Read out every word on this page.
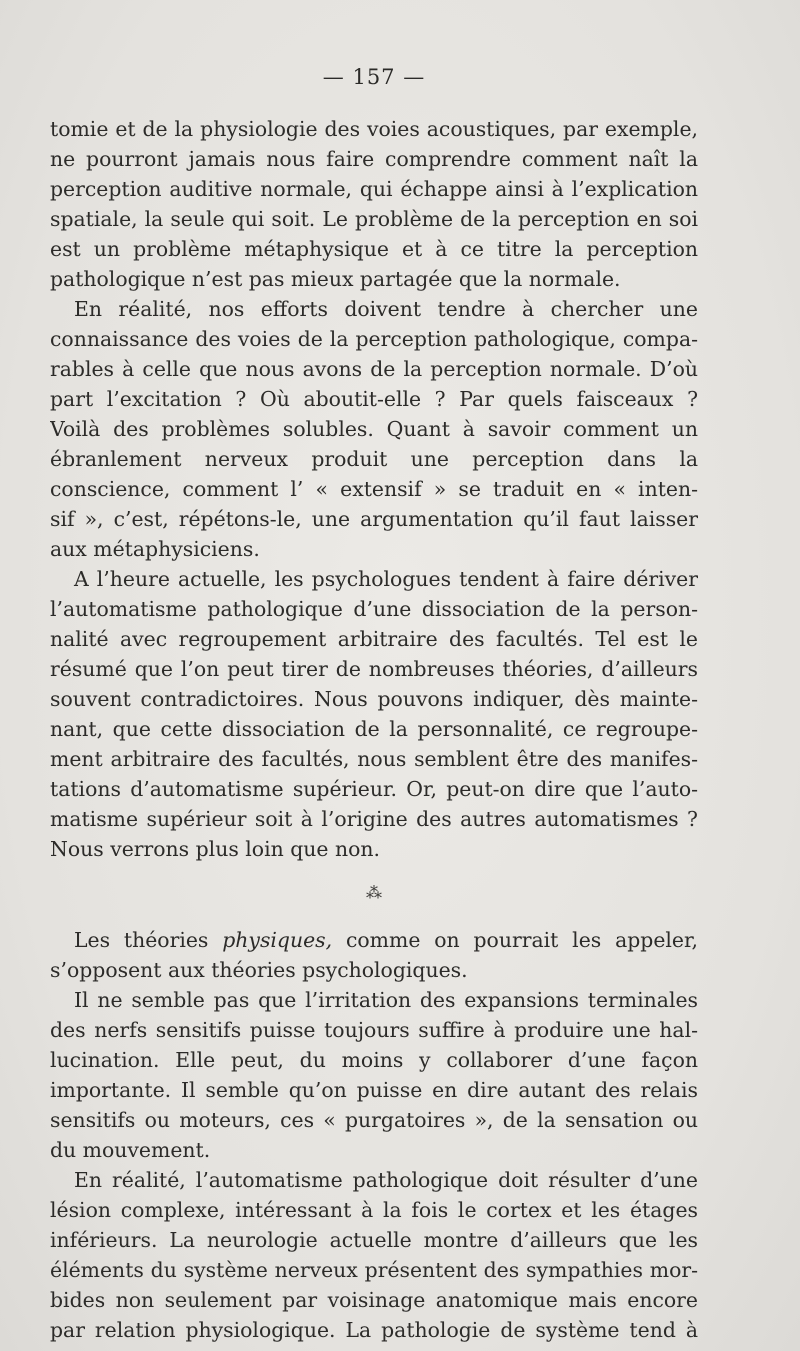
— 157 —
tomie et de la physiologie des voies acoustiques, par exemple,
ne pourront jamais nous faire comprendre comment naît la
perception auditive normale, qui échappe ainsi à l’explication
spatiale, la seule qui soit. Le problème de la perception en soi
est un problème métaphysique et à ce titre la perception
pathologique n’est pas mieux partagée que la normale.
En réalité, nos efforts doivent tendre à chercher une
connaissance des voies de la perception pathologique, compa-
rables à celle que nous avons de la perception normale. D’où
part l’excitation ? Où aboutit-elle ? Par quels faisceaux ?
Voilà des problèmes solubles. Quant à savoir comment un
ébranlement nerveux produit une perception dans la
conscience, comment l’ « extensif » se traduit en « inten-
sif », c’est, répétons-le, une argumentation qu’il faut laisser
aux métaphysiciens.
A l’heure actuelle, les psychologues tendent à faire dériver
l’automatisme pathologique d’une dissociation de la person-
nalité avec regroupement arbitraire des facultés. Tel est le
résumé que l’on peut tirer de nombreuses théories, d’ailleurs
souvent contradictoires. Nous pouvons indiquer, dès mainte-
nant, que cette dissociation de la personnalité, ce regroupe-
ment arbitraire des facultés, nous semblent être des manifes-
tations d’automatisme supérieur. Or, peut-on dire que l’auto-
matisme supérieur soit à l’origine des autres automatismes ?
Nous verrons plus loin que non.
⁂
Les théories physiques, comme on pourrait les appeler,
s’opposent aux théories psychologiques.
Il ne semble pas que l’irritation des expansions terminales
des nerfs sensitifs puisse toujours suffire à produire une hal-
lucination. Elle peut, du moins y collaborer d’une façon
importante. Il semble qu’on puisse en dire autant des relais
sensitifs ou moteurs, ces « purgatoires », de la sensation ou
du mouvement.
En réalité, l’automatisme pathologique doit résulter d’une
lésion complexe, intéressant à la fois le cortex et les étages
inférieurs. La neurologie actuelle montre d’ailleurs que les
éléments du système nerveux présentent des sympathies mor-
bides non seulement par voisinage anatomique mais encore
par relation physiologique. La pathologie de système tend à
